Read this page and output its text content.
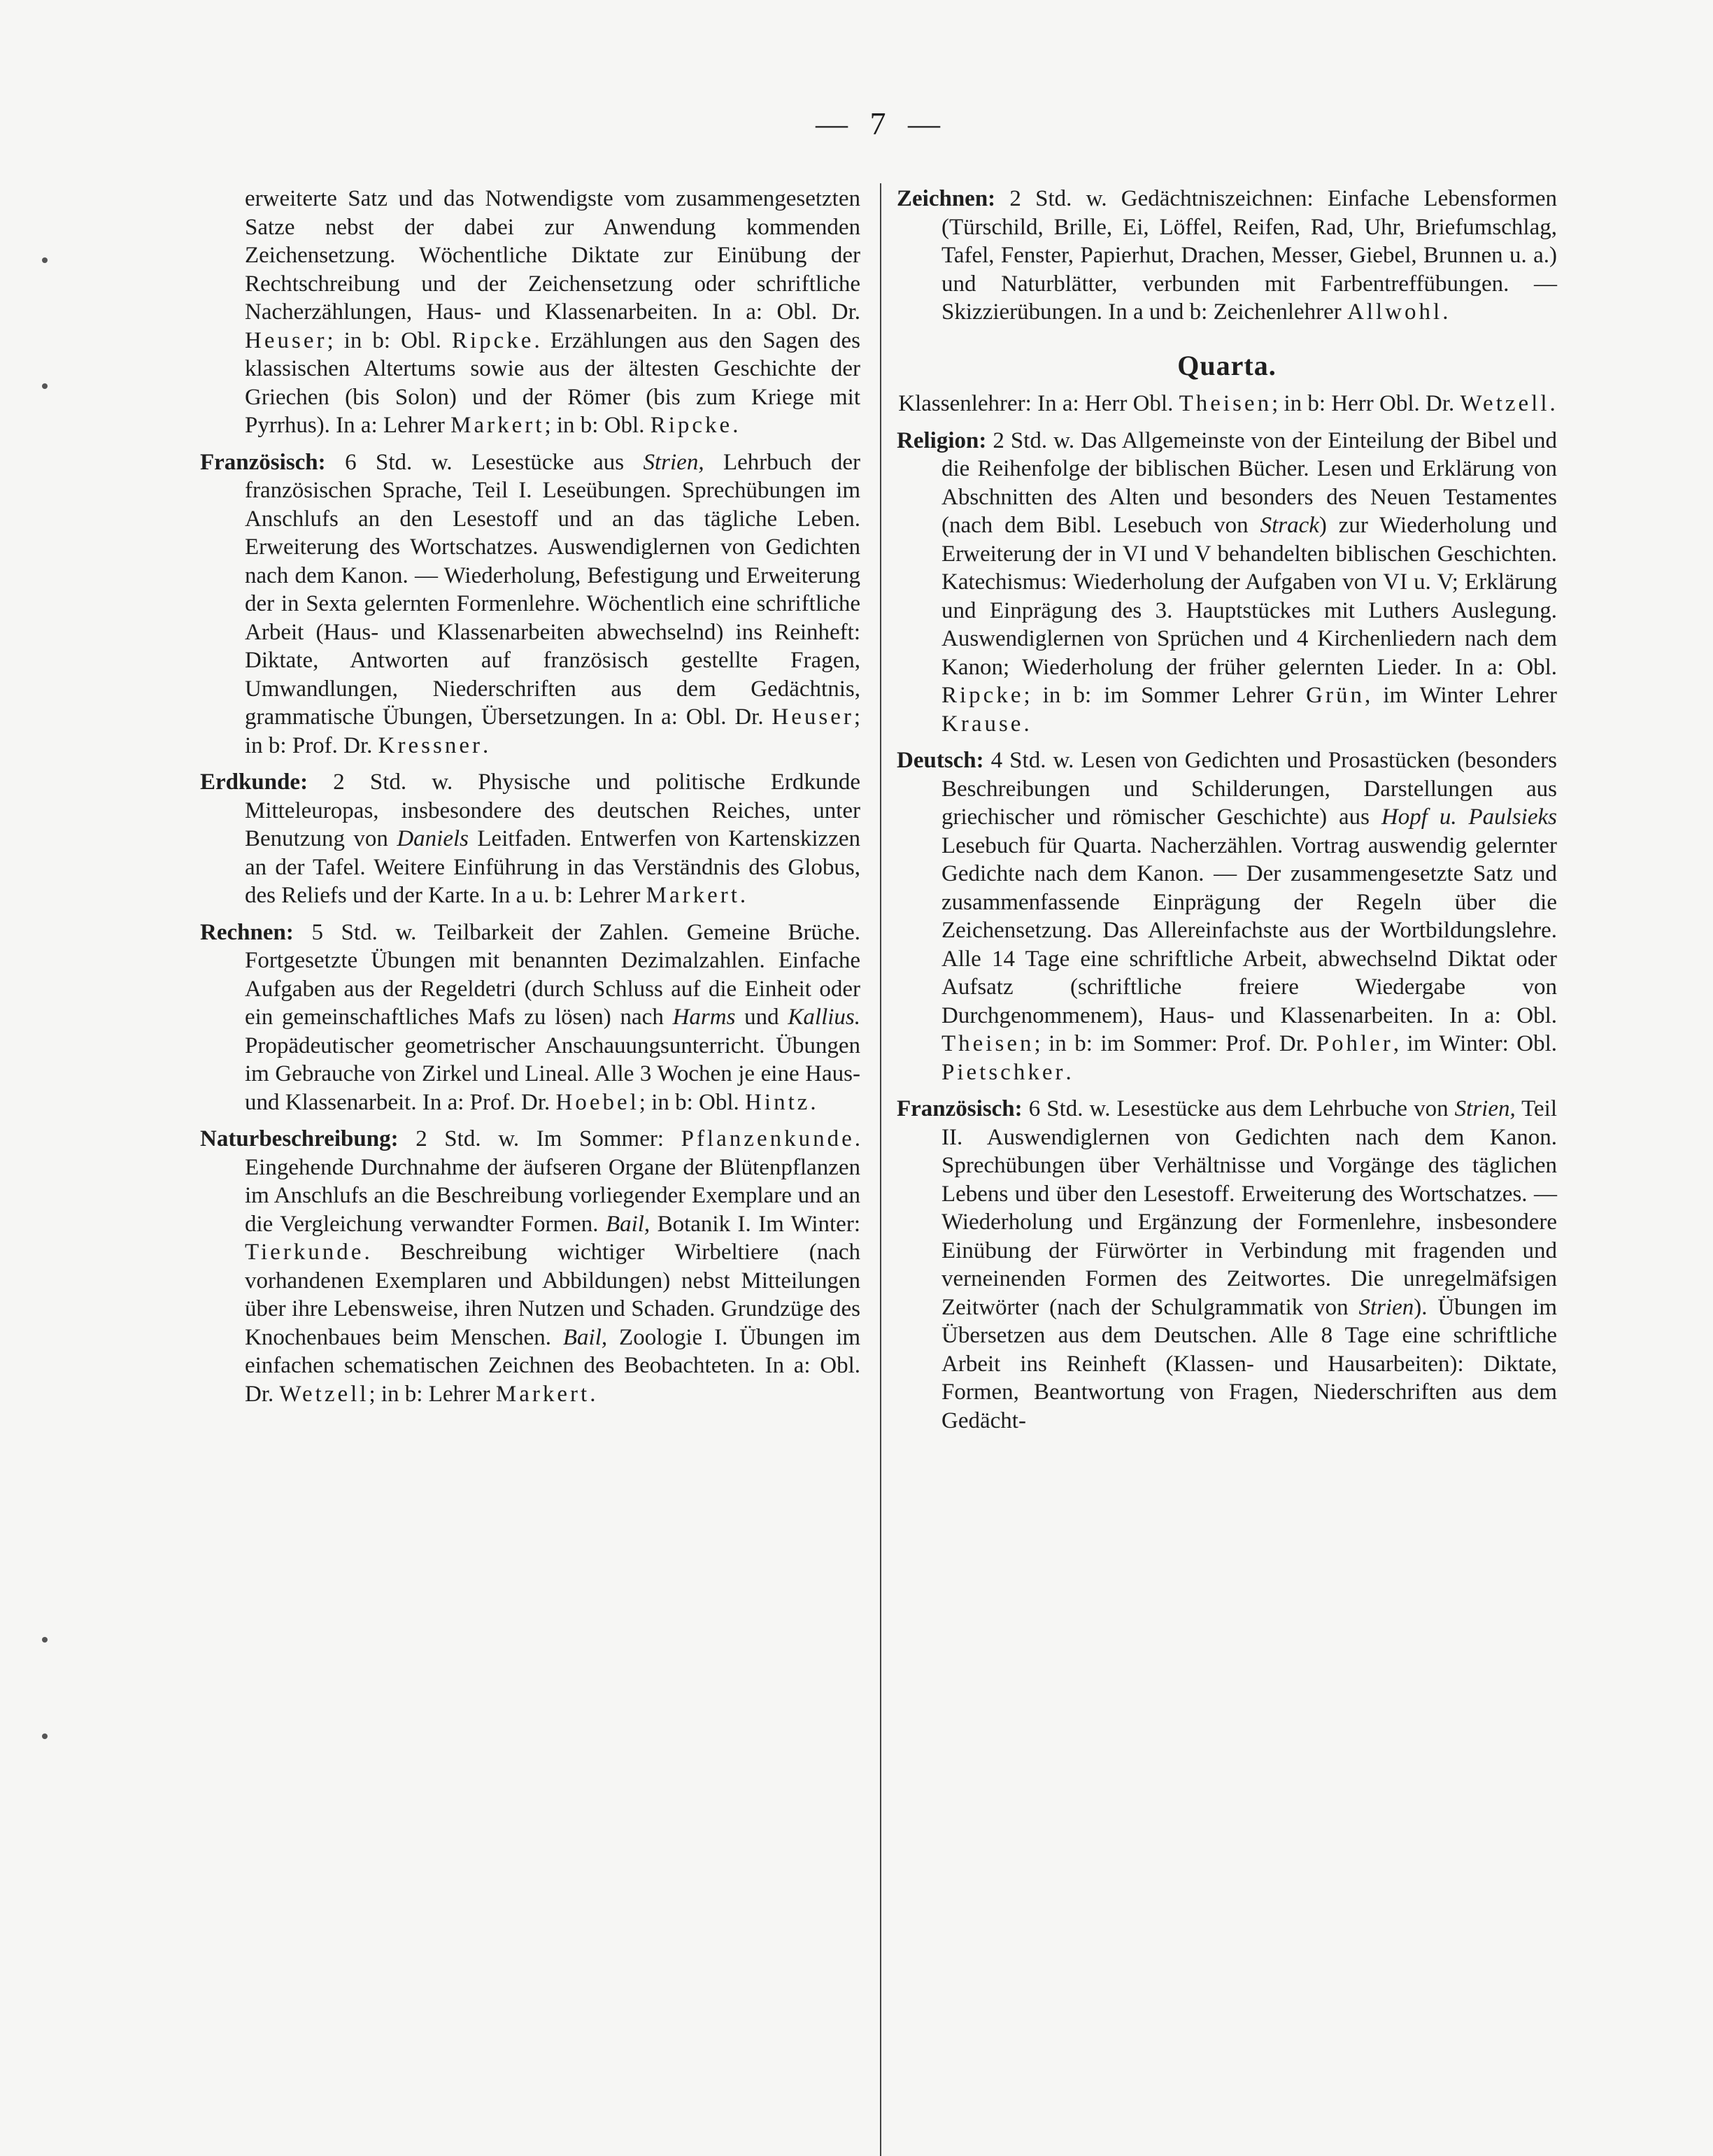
— 7 —

erweiterte Satz und das Notwendigste vom zusammengesetzten Satze nebst der dabei zur Anwendung kommenden Zeichensetzung. Wöchentliche Diktate zur Einübung der Rechtschreibung und der Zeichensetzung oder schriftliche Nacherzählungen, Haus- und Klassenarbeiten. In a: Obl. Dr. Heuser; in b: Obl. Ripcke. Erzählungen aus den Sagen des klassischen Altertums sowie aus der ältesten Geschichte der Griechen (bis Solon) und der Römer (bis zum Kriege mit Pyrrhus). In a: Lehrer Markert; in b: Obl. Ripcke.

Französisch: 6 Std. w. Lesestücke aus Strien, Lehrbuch der französischen Sprache, Teil I. Leseübungen. Sprechübungen im Anschlufs an den Lesestoff und an das tägliche Leben. Erweiterung des Wortschatzes. Auswendiglernen von Gedichten nach dem Kanon. — Wiederholung, Befestigung und Erweiterung der in Sexta gelernten Formenlehre. Wöchentlich eine schriftliche Arbeit (Haus- und Klassenarbeiten abwechselnd) ins Reinheft: Diktate, Antworten auf französisch gestellte Fragen, Umwandlungen, Niederschriften aus dem Gedächtnis, grammatische Übungen, Übersetzungen. In a: Obl. Dr. Heuser; in b: Prof. Dr. Kressner.

Erdkunde: 2 Std. w. Physische und politische Erdkunde Mitteleuropas, insbesondere des deutschen Reiches, unter Benutzung von Daniels Leitfaden. Entwerfen von Kartenskizzen an der Tafel. Weitere Einführung in das Verständnis des Globus, des Reliefs und der Karte. In a u. b: Lehrer Markert.

Rechnen: 5 Std. w. Teilbarkeit der Zahlen. Gemeine Brüche. Fortgesetzte Übungen mit benannten Dezimalzahlen. Einfache Aufgaben aus der Regeldetri (durch Schluss auf die Einheit oder ein gemeinschaftliches Mafs zu lösen) nach Harms und Kallius. Propädeutischer geometrischer Anschauungsunterricht. Übungen im Gebrauche von Zirkel und Lineal. Alle 3 Wochen je eine Haus- und Klassenarbeit. In a: Prof. Dr. Hoebel; in b: Obl. Hintz.

Naturbeschreibung: 2 Std. w. Im Sommer: Pflanzenkunde. Eingehende Durchnahme der äufseren Organe der Blütenpflanzen im Anschlufs an die Beschreibung vorliegender Exemplare und an die Vergleichung verwandter Formen. Bail, Botanik I. Im Winter: Tierkunde. Beschreibung wichtiger Wirbeltiere (nach vorhandenen Exemplaren und Abbildungen) nebst Mitteilungen über ihre Lebensweise, ihren Nutzen und Schaden. Grundzüge des Knochenbaues beim Menschen. Bail, Zoologie I. Übungen im einfachen schematischen Zeichnen des Beobachteten. In a: Obl. Dr. Wetzell; in b: Lehrer Markert.

Zeichnen: 2 Std. w. Gedächtniszeichnen: Einfache Lebensformen (Türschild, Brille, Ei, Löffel, Reifen, Rad, Uhr, Briefumschlag, Tafel, Fenster, Papierhut, Drachen, Messer, Giebel, Brunnen u. a.) und Naturblätter, verbunden mit Farbentreffübungen. — Skizzierübungen. In a und b: Zeichenlehrer Allwohl.

Quarta.

Klassenlehrer: In a: Herr Obl. Theisen; in b: Herr Obl. Dr. Wetzell.

Religion: 2 Std. w. Das Allgemeinste von der Einteilung der Bibel und die Reihenfolge der biblischen Bücher. Lesen und Erklärung von Abschnitten des Alten und besonders des Neuen Testamentes (nach dem Bibl. Lesebuch von Strack) zur Wiederholung und Erweiterung der in VI und V behandelten biblischen Geschichten. Katechismus: Wiederholung der Aufgaben von VI u. V; Erklärung und Einprägung des 3. Hauptstückes mit Luthers Auslegung. Auswendiglernen von Sprüchen und 4 Kirchenliedern nach dem Kanon; Wiederholung der früher gelernten Lieder. In a: Obl. Ripcke; in b: im Sommer Lehrer Grün, im Winter Lehrer Krause.

Deutsch: 4 Std. w. Lesen von Gedichten und Prosastücken (besonders Beschreibungen und Schilderungen, Darstellungen aus griechischer und römischer Geschichte) aus Hopf u. Paulsieks Lesebuch für Quarta. Nacherzählen. Vortrag auswendig gelernter Gedichte nach dem Kanon. — Der zusammengesetzte Satz und zusammenfassende Einprägung der Regeln über die Zeichensetzung. Das Allereinfachste aus der Wortbildungslehre. Alle 14 Tage eine schriftliche Arbeit, abwechselnd Diktat oder Aufsatz (schriftliche freiere Wiedergabe von Durchgenommenem), Haus- und Klassenarbeiten. In a: Obl. Theisen; in b: im Sommer: Prof. Dr. Pohler, im Winter: Obl. Pietschker.

Französisch: 6 Std. w. Lesestücke aus dem Lehrbuche von Strien, Teil II. Auswendiglernen von Gedichten nach dem Kanon. Sprechübungen über Verhältnisse und Vorgänge des täglichen Lebens und über den Lesestoff. Erweiterung des Wortschatzes. — Wiederholung und Ergänzung der Formenlehre, insbesondere Einübung der Fürwörter in Verbindung mit fragenden und verneinenden Formen des Zeitwortes. Die unregelmäfsigen Zeitwörter (nach der Schulgrammatik von Strien). Übungen im Übersetzen aus dem Deutschen. Alle 8 Tage eine schriftliche Arbeit ins Reinheft (Klassen- und Hausarbeiten): Diktate, Formen, Beantwortung von Fragen, Niederschriften aus dem Gedächt-
